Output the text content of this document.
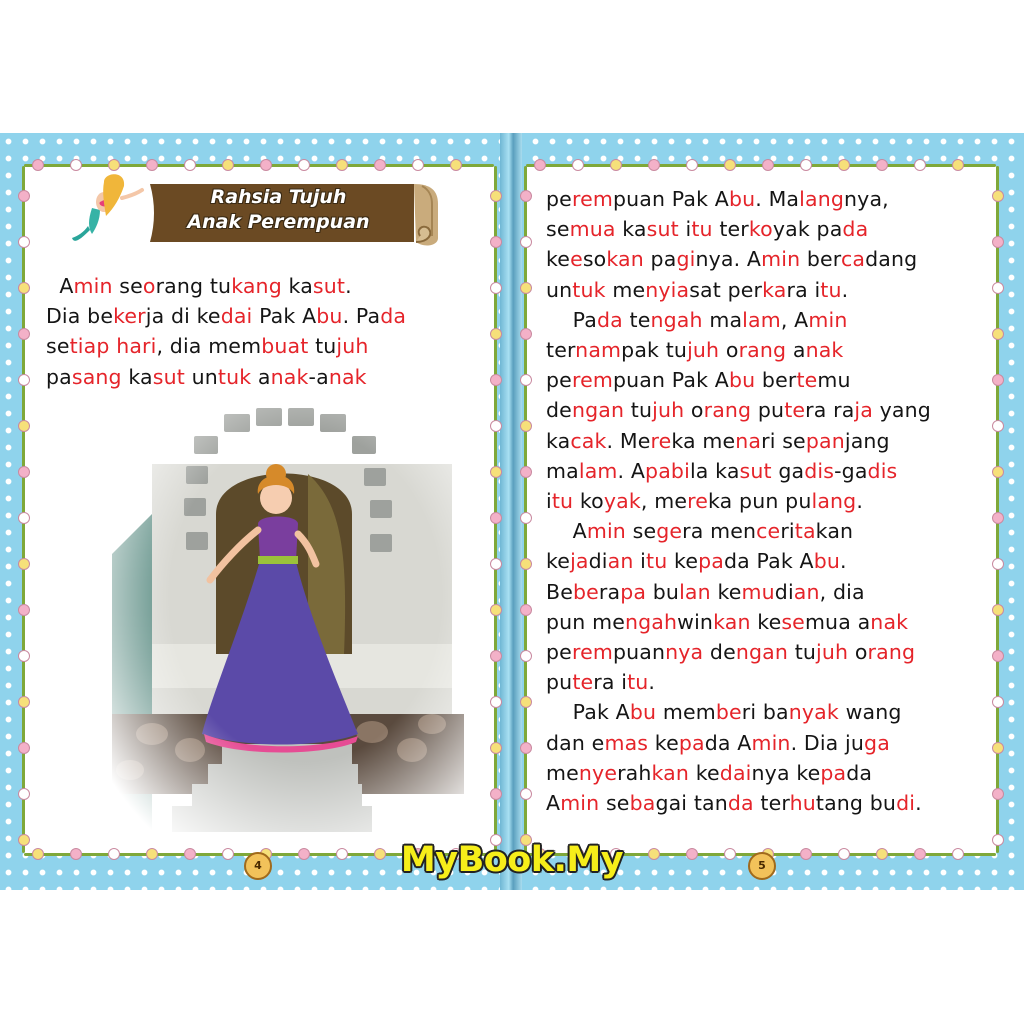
Rahsia Tujuh
Anak Perempuan
Amin seorang tukang kasut.
Dia bekerja di kedai Pak Abu. Pada
setiap hari, dia membuat tujuh
pasang kasut untuk anak-anak
perempuan Pak Abu. Malangnya,
semua kasut itu terkoyak pada
keesokan paginya. Amin bercadang
untuk menyiasat perkara itu.
Pada tengah malam, Amin
ternampak tujuh orang anak
perempuan Pak Abu bertemu
dengan tujuh orang putera raja yang
kacak. Mereka menari sepanjang
malam. Apabila kasut gadis-gadis
itu koyak, mereka pun pulang.
Amin segera menceritakan
kejadian itu kepada Pak Abu.
Beberapa bulan kemudian, dia
pun mengahwinkan kesemua anak
perempuannya dengan tujuh orang
putera itu.
Pak Abu memberi banyak wang
dan emas kepada Amin. Dia juga
menyerahkan kedainya kepada
Amin sebagai tanda terhutang budi.
4	5
MyBook.My
